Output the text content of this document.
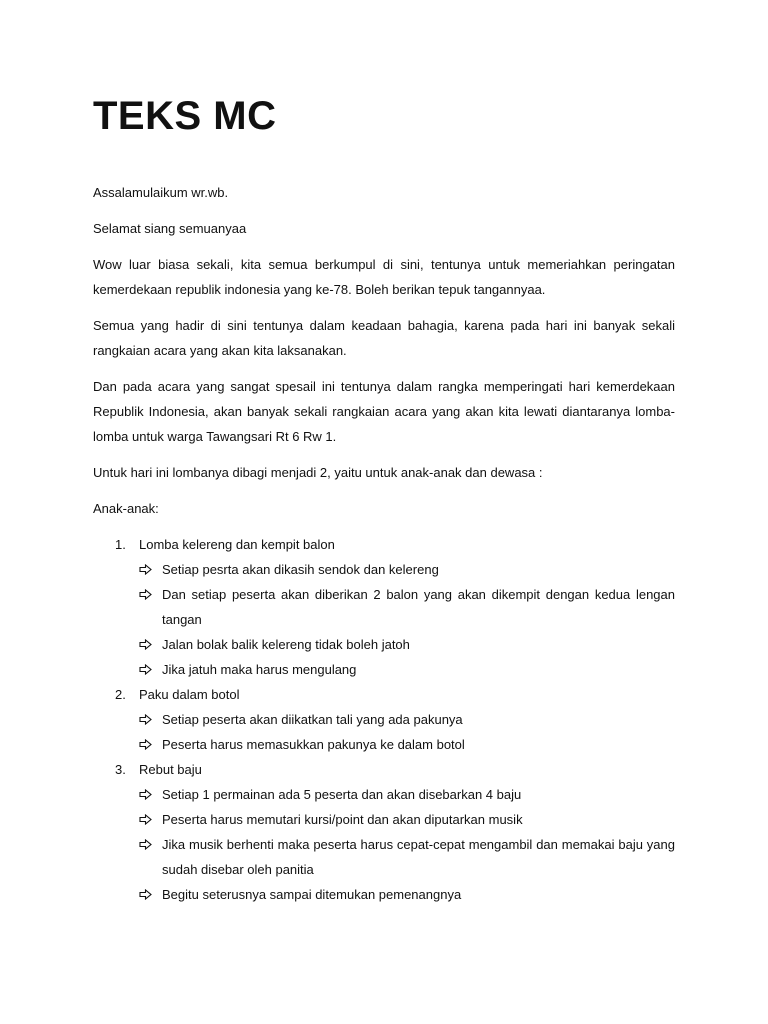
TEKS MC

Assalamulaikum wr.wb.

Selamat siang semuanyaa

Wow luar biasa sekali, kita semua berkumpul di sini, tentunya untuk memeriahkan peringatan kemerdekaan republik indonesia yang ke-78. Boleh berikan tepuk tangannyaa.

Semua yang hadir di sini tentunya dalam keadaan bahagia, karena pada hari ini banyak sekali rangkaian acara yang akan kita laksanakan.

Dan pada acara yang sangat spesail ini tentunya dalam rangka memperingati hari kemerdekaan Republik Indonesia, akan banyak sekali rangkaian acara yang akan kita lewati diantaranya lomba-lomba untuk warga Tawangsari Rt 6 Rw 1.

Untuk hari ini lombanya dibagi menjadi 2, yaitu untuk anak-anak dan dewasa :

Anak-anak:

1.	Lomba kelereng dan kempit balon
Setiap pesrta akan dikasih sendok dan kelereng
Dan setiap peserta akan diberikan 2 balon yang akan dikempit dengan kedua lengan tangan
Jalan bolak balik kelereng tidak boleh jatoh
Jika jatuh maka harus mengulang
2.	Paku dalam botol
Setiap peserta akan diikatkan tali yang ada pakunya
Peserta harus memasukkan pakunya ke dalam botol
3.	Rebut baju
Setiap 1 permainan ada 5 peserta dan akan disebarkan 4 baju
Peserta harus memutari kursi/point dan akan diputarkan musik
Jika musik berhenti maka peserta harus cepat-cepat mengambil dan memakai baju yang sudah disebar oleh panitia
Begitu seterusnya sampai ditemukan pemenangnya
